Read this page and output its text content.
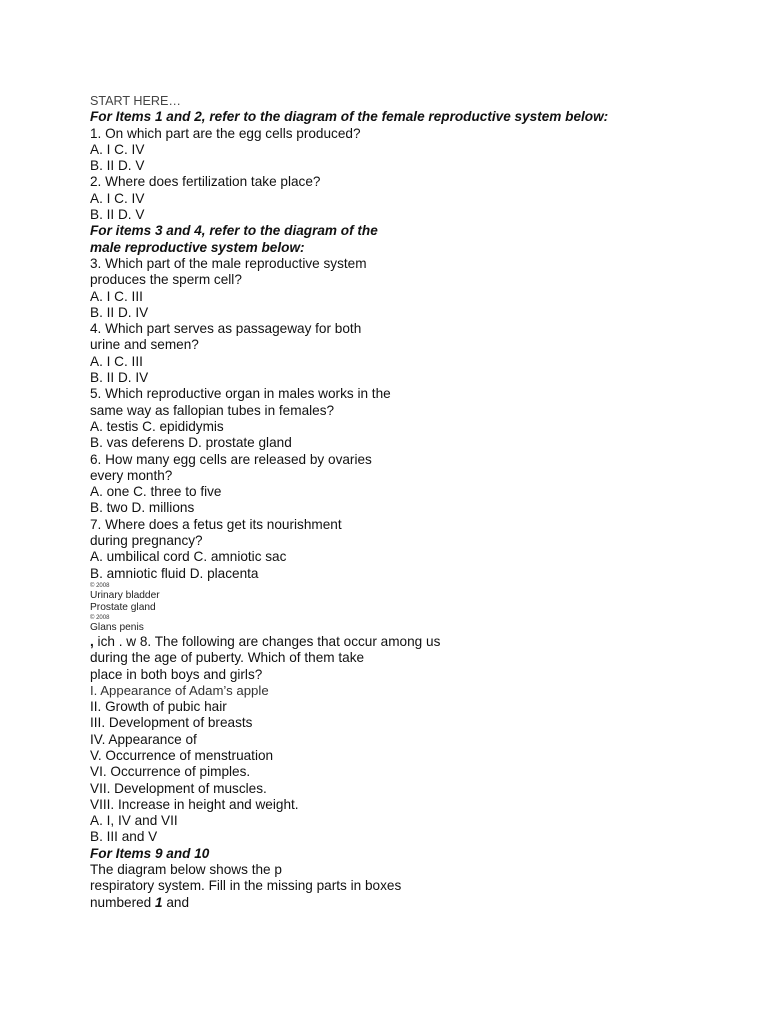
START HERE…
For Items 1 and 2, refer to the diagram of the female reproductive system below:
1. On which part are the egg cells produced?
A. I C. IV
B. II D. V
2. Where does fertilization take place?
A. I C. IV
B. II D. V
For items 3 and 4, refer to the diagram of the
male reproductive system below:
3. Which part of the male reproductive system
produces the sperm cell?
A. I C. III
B. II D. IV
4. Which part serves as passageway for both
urine and semen?
A. I C. III
B. II D. IV
5. Which reproductive organ in males works in the
same way as fallopian tubes in females?
A. testis C. epididymis
B. vas deferens D. prostate gland
6. How many egg cells are released by ovaries
every month?
A. one C. three to five
B. two D. millions
7. Where does a fetus get its nourishment
during pregnancy?
A. umbilical cord C. amniotic sac
B. amniotic fluid D. placenta
© 2008
Urinary bladder
Prostate gland
© 2008
Glans penis
, ich . w 8. The following are changes that occur among us
during the age of puberty. Which of them take
place in both boys and girls?
I. Appearance of Adam’s apple
II. Growth of pubic hair
III. Development of breasts
IV. Appearance of
V. Occurrence of menstruation
VI. Occurrence of pimples.
VII. Development of muscles.
VIII. Increase in height and weight.
A. I, IV and VII
B. III and V
For Items 9 and 10
The diagram below shows the p
respiratory system. Fill in the missing parts in boxes
numbered 1 and
